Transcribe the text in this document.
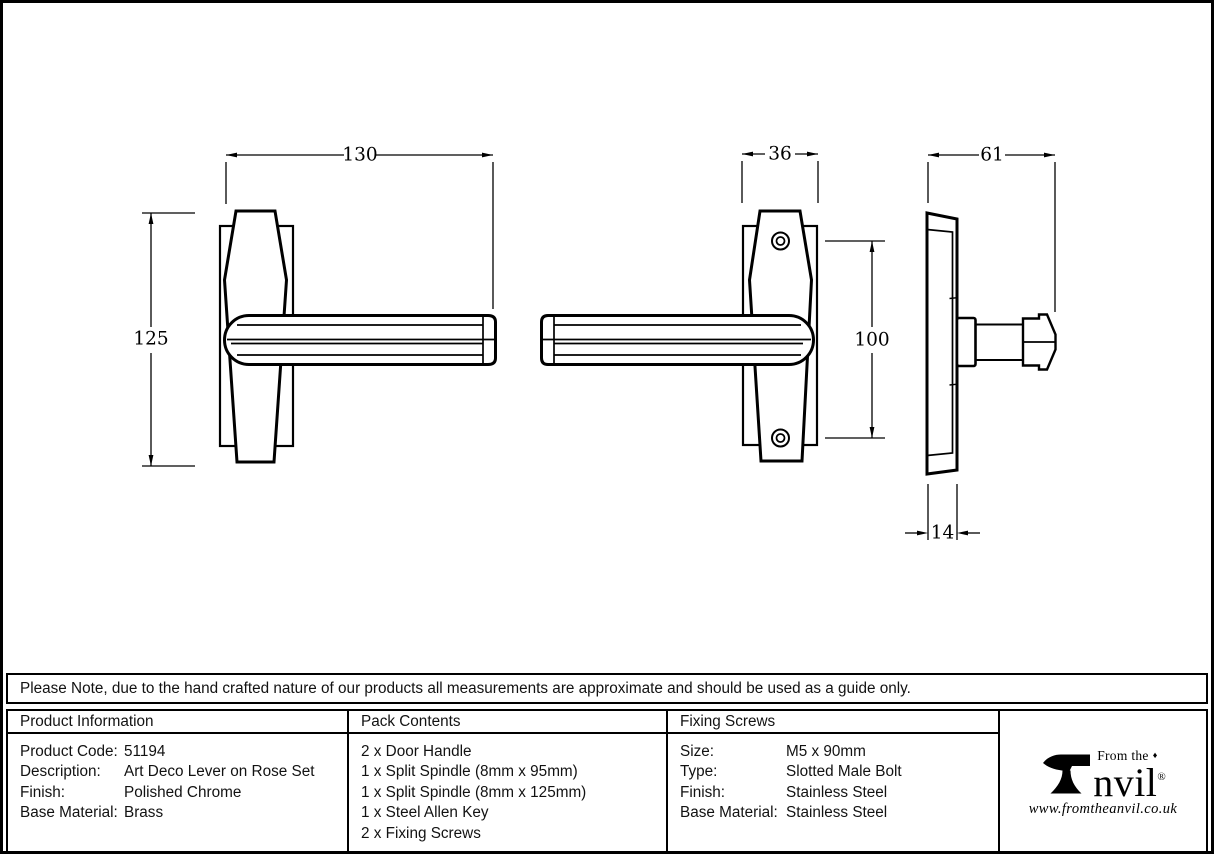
130
125
36
100
61
14
Please Note, due to the hand crafted nature of our products all measurements are approximate and should be used as a guide only.
Product Information
Product Code: 51194
Description:	Art Deco Lever on Rose Set
Finish:	Polished Chrome
Base Material: Brass
Pack Contents
2 x Door Handle
1 x Split Spindle (8mm x 95mm)
1 x Split Spindle (8mm x 125mm)
1 x Steel Allen Key
2 x Fixing Screws
Fixing Screws
Size:	M5 x 90mm
Type:	Slotted Male Bolt
Finish:	Stainless Steel
Base Material: Stainless Steel
From the ♦
nvil®
www.fromtheanvil.co.uk
